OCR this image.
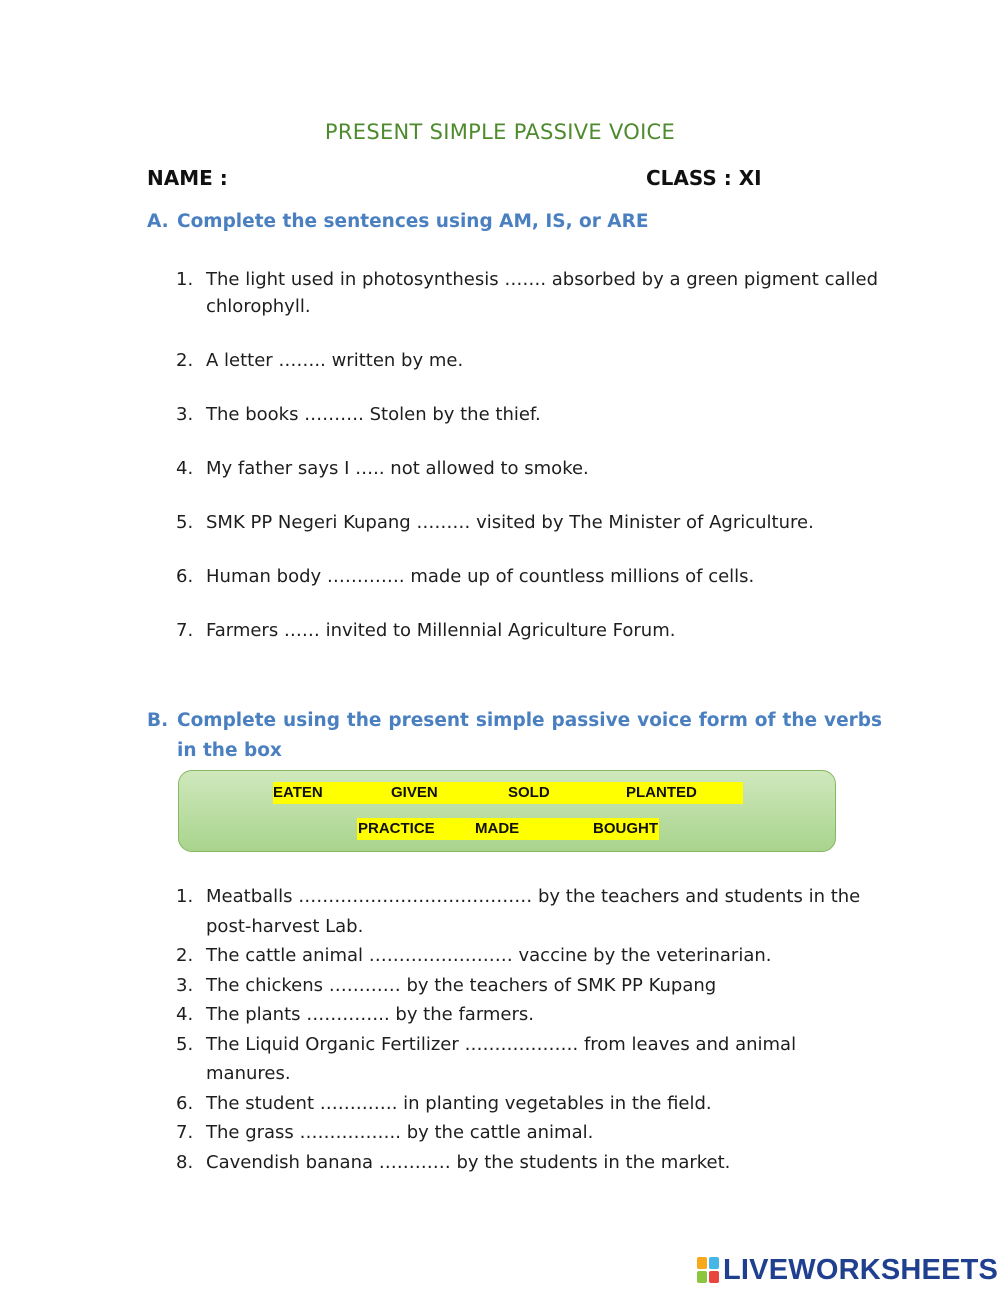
PRESENT SIMPLE PASSIVE VOICE
NAME :	CLASS : XI
A. Complete the sentences using AM, IS, or ARE
1. The light used in photosynthesis ……. absorbed by a green pigment called chlorophyll.
2. A letter …….. written by me.
3. The books ………. Stolen by the thief.
4. My father says I ….. not allowed to smoke.
5. SMK PP Negeri Kupang ……… visited by The Minister of Agriculture.
6. Human body …………. made up of countless millions of cells.
7. Farmers …… invited to Millennial Agriculture Forum.
B. Complete using the present simple passive voice form of the verbs in the box
EATEN	GIVEN	SOLD	PLANTED
PRACTICE	MADE	BOUGHT
1. Meatballs ………………………………… by the teachers and students in the post-harvest Lab.
2. The cattle animal …………………… vaccine by the veterinarian.
3. The chickens ………… by the teachers of SMK PP Kupang
4. The plants ………….. by the farmers.
5. The Liquid Organic Fertilizer ………………. from leaves and animal manures.
6. The student …………. in planting vegetables in the field.
7. The grass …………….. by the cattle animal.
8. Cavendish banana ………… by the students in the market.
LIVEWORKSHEETS
